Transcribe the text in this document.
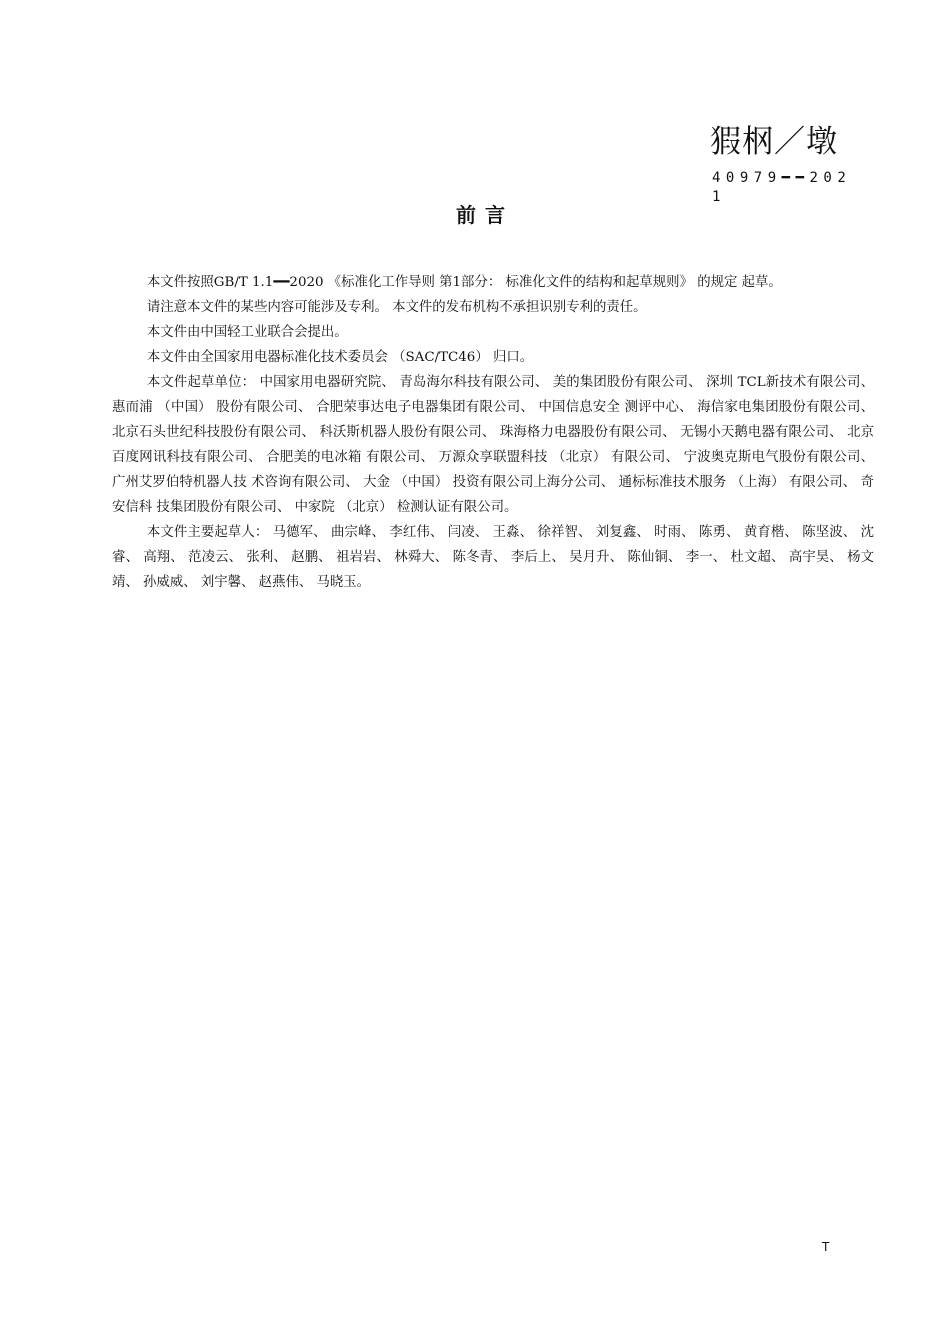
猳㭎／墩
40979━━2021
前言

本文件按照GB/T 1.1━━2020 《标准化工作导则 第1部分： 标准化文件的结构和起草规则》 的规定 起草。

请注意本文件的某些内容可能涉及专利。 本文件的发布机构不承担识别专利的责任。

本文件由中国轻工业联合会提出。

本文件由全国家用电器标准化技术委员会 （SAC/TC46） 归口。

本文件起草单位： 中国家用电器研究院、 青岛海尔科技有限公司、 美的集团股份有限公司、 深圳 TCL新技术有限公司、 惠而浦 （中国） 股份有限公司、 合肥荣事达电子电器集团有限公司、 中国信息安全 测评中心、 海信家电集团股份有限公司、 北京石头世纪科技股份有限公司、 科沃斯机器人股份有限公司、 珠海格力电器股份有限公司、 无锡小天鹅电器有限公司、 北京百度网讯科技有限公司、 合肥美的电冰箱 有限公司、 万源众享联盟科技 （北京） 有限公司、 宁波奥克斯电气股份有限公司、 广州艾罗伯特机器人技 术咨询有限公司、 大金 （中国） 投资有限公司上海分公司、 通标标准技术服务 （上海） 有限公司、 奇安信科 技集团股份有限公司、 中家院 （北京） 检测认证有限公司。

本文件主要起草人： 马德军、 曲宗峰、 李红伟、 闫凌、 王淼、 徐祥智、 刘复鑫、 时雨、 陈勇、 黄育楷、 陈坚波、 沈睿、 高翔、 范凌云、 张利、 赵鹏、 祖岩岩、 林舜大、 陈冬青、 李后上、 吴月升、 陈仙铜、 李一、 杜文超、 高宇昊、 杨文靖、 孙威威、 刘宇馨、 赵燕伟、 马晓玉。

T
